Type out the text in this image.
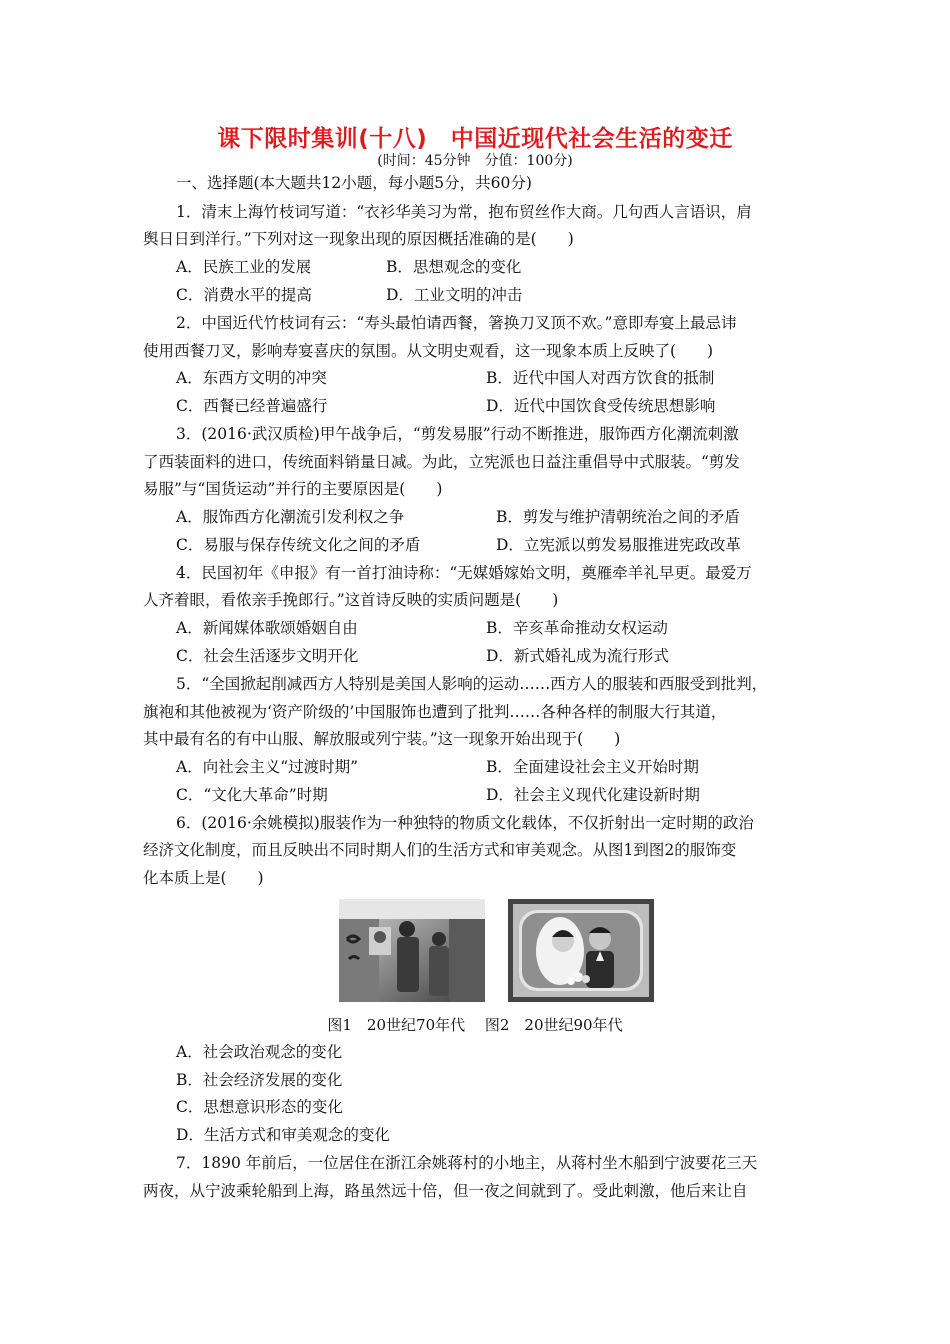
课下限时集训(十八)　中国近现代社会生活的变迁
(时间：45分钟　分值：100分)
一、选择题(本大题共12小题，每小题5分，共60分)
1．清末上海竹枝词写道：“衣衫华美习为常，抱布贸丝作大商。几句西人言语识，肩
舆日日到洋行。”下列对这一现象出现的原因概括准确的是(　　)
A．民族工业的发展	B．思想观念的变化
C．消费水平的提高	D．工业文明的冲击
2．中国近代竹枝词有云：“寿头最怕请西餐，箸换刀叉顶不欢。”意即寿宴上最忌讳
使用西餐刀叉，影响寿宴喜庆的氛围。从文明史观看，这一现象本质上反映了(　　)
A．东西方文明的冲突	B．近代中国人对西方饮食的抵制
C．西餐已经普遍盛行	D．近代中国饮食受传统思想影响
3．(2016·武汉质检)甲午战争后，“剪发易服”行动不断推进，服饰西方化潮流刺激
了西装面料的进口，传统面料销量日减。为此，立宪派也日益注重倡导中式服装。“剪发
易服”与“国货运动”并行的主要原因是(　　)
A．服饰西方化潮流引发利权之争	B．剪发与维护清朝统治之间的矛盾
C．易服与保存传统文化之间的矛盾	D．立宪派以剪发易服推进宪政改革
4．民国初年《申报》有一首打油诗称：“无媒婚嫁始文明，奠雁牵羊礼早更。最爱万
人齐着眼，看侬亲手挽郎行。”这首诗反映的实质问题是(　　)
A．新闻媒体歌颂婚姻自由	B．辛亥革命推动女权运动
C．社会生活逐步文明开化	D．新式婚礼成为流行形式
5．“全国掀起削减西方人特别是美国人影响的运动……西方人的服装和西服受到批判，
旗袍和其他被视为‘资产阶级的’中国服饰也遭到了批判……各种各样的制服大行其道，
其中最有名的有中山服、解放服或列宁装。”这一现象开始出现于(　　)
A．向社会主义“过渡时期”	B．全面建设社会主义开始时期
C．“文化大革命”时期	D．社会主义现代化建设新时期
6．(2016·余姚模拟)服装作为一种独特的物质文化载体，不仅折射出一定时期的政治
经济文化制度，而且反映出不同时期人们的生活方式和审美观念。从图1到图2的服饰变
化本质上是(　　)
图1　20世纪70年代　 图2　20世纪90年代
A．社会政治观念的变化
B．社会经济发展的变化
C．思想意识形态的变化
D．生活方式和审美观念的变化
7．1890 年前后，一位居住在浙江余姚蒋村的小地主，从蒋村坐木船到宁波要花三天
两夜，从宁波乘轮船到上海，路虽然远十倍，但一夜之间就到了。受此刺激，他后来让自
